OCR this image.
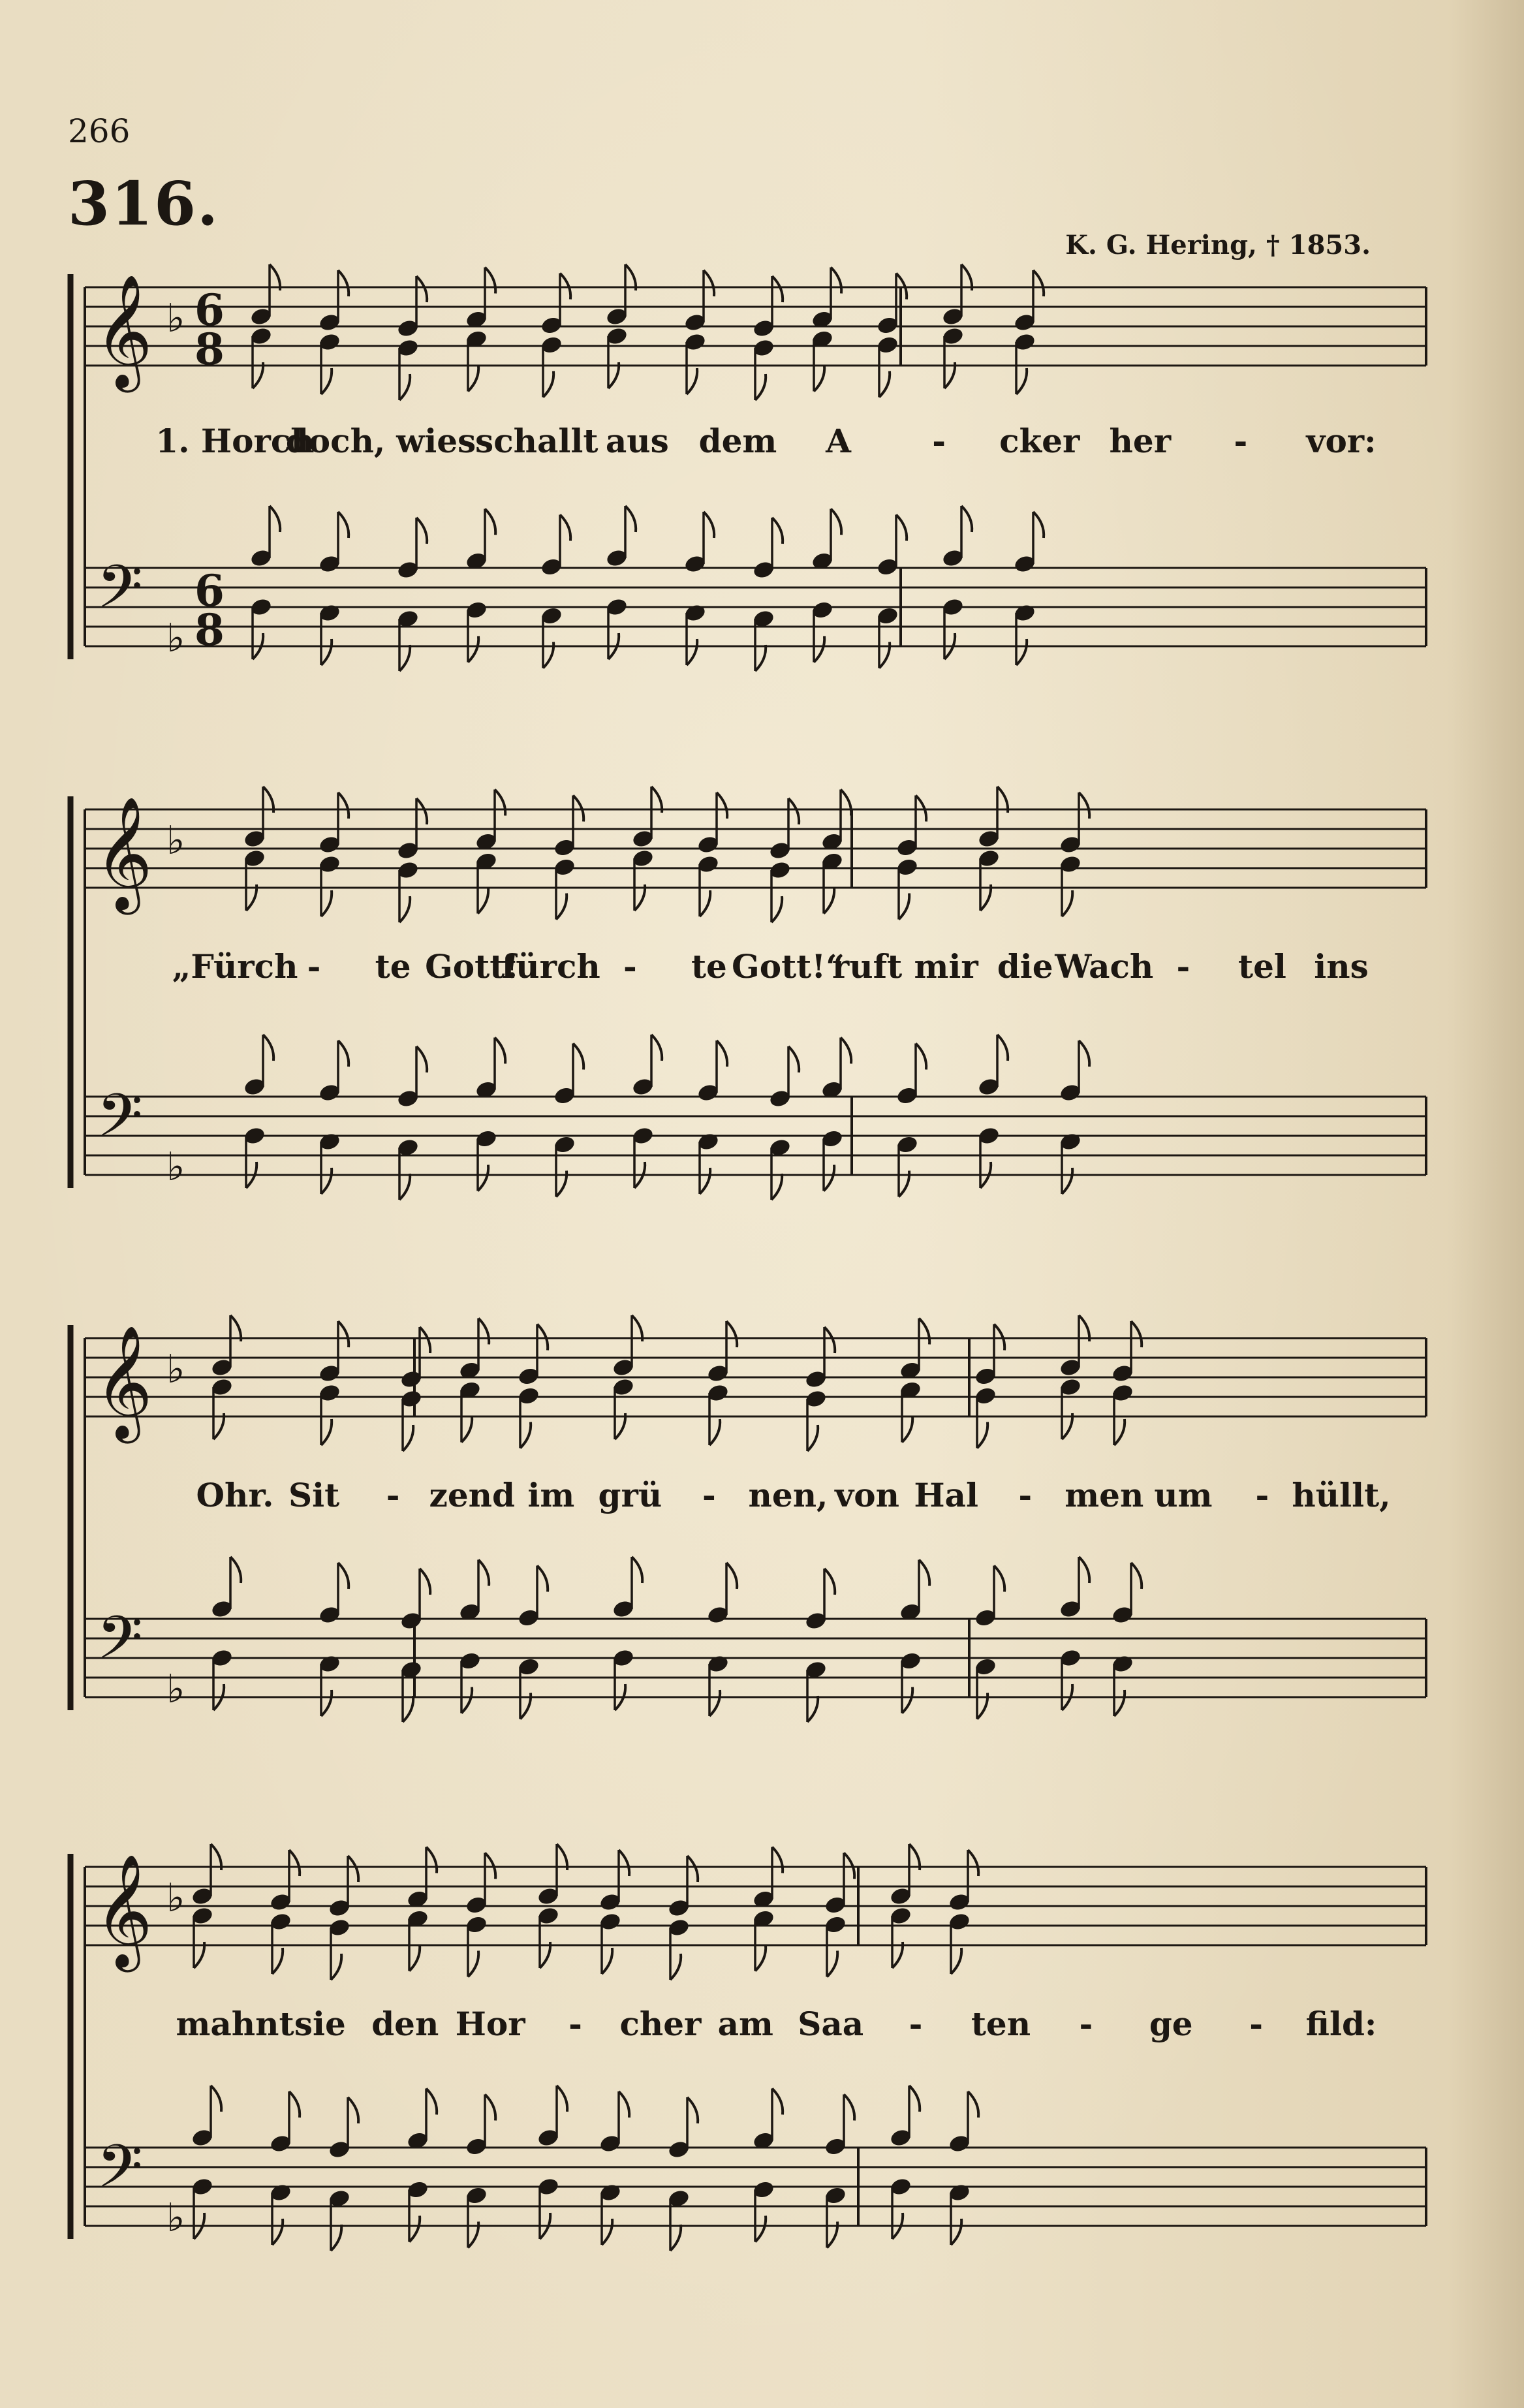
266
316.
K. G. Hering, † 1853.
𝄞
𝄢
♭
♭
6
8
6
8
𝄞
𝄢
♭
♭
𝄞
𝄢
♭
♭
𝄞
𝄢
♭
♭
1. Horch
doch, wies
schallt aus dem A - cker her - vor:
„Fürch - te Gott!
fürch - te Gott!“
ruft mir die Wach - tel ins
Ohr. Sit - zend im grü - nen, von Hal - men um - hüllt,
mahnt sie den Hor - cher am Saa - ten - ge - fild:
